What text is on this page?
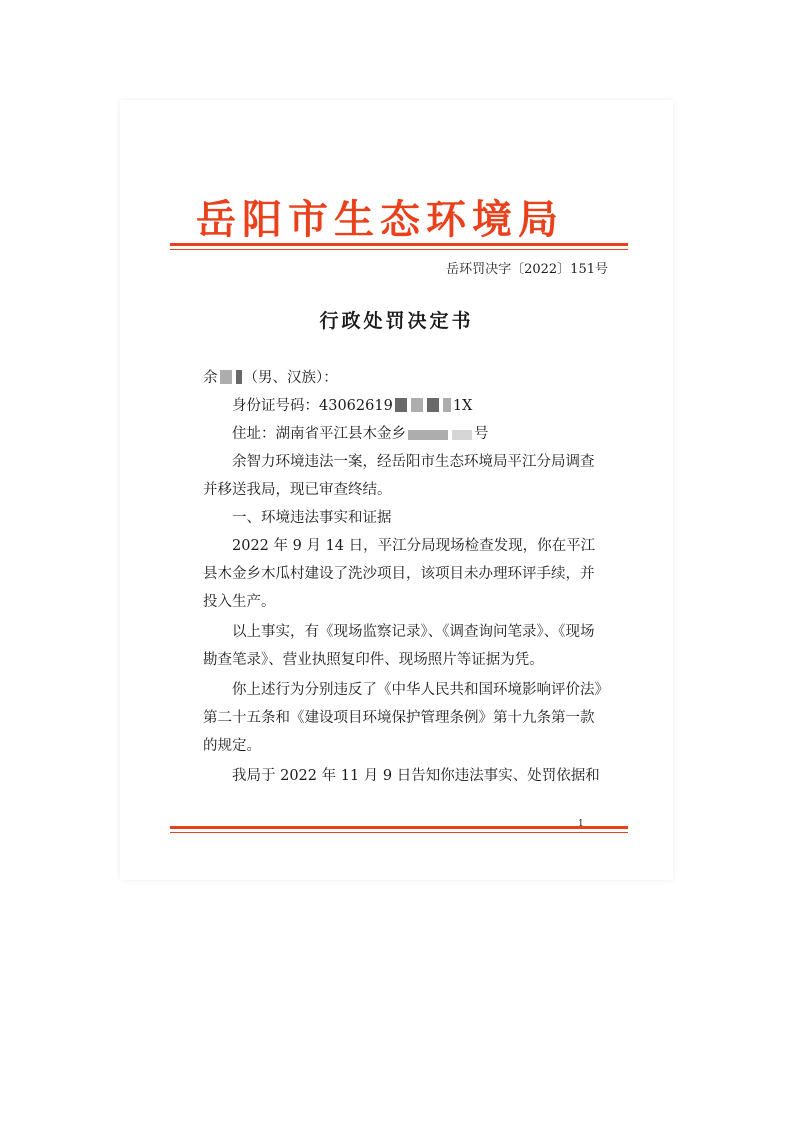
岳阳市生态环境局
岳环罚决字〔2022〕151号
行政处罚决定书

余 （男、汉族）：

身份证号码：43062619	1X

住址：湖南省平江县木金乡	号

余智力环境违法一案，经岳阳市生态环境局平江分局调查并移送我局，现已审查终结。

一、环境违法事实和证据

2022 年 9 月 14 日，平江分局现场检查发现，你在平江县木金乡木瓜村建设了洗沙项目，该项目未办理环评手续，并投入生产。

以上事实，有《现场监察记录》、《调查询问笔录》、《现场勘查笔录》、营业执照复印件、现场照片等证据为凭。

你上述行为分别违反了《中华人民共和国环境影响评价法》第二十五条和《建设项目环境保护管理条例》第十九条第一款的规定。

我局于 2022 年 11 月 9 日告知你违法事实、处罚依据和

1
